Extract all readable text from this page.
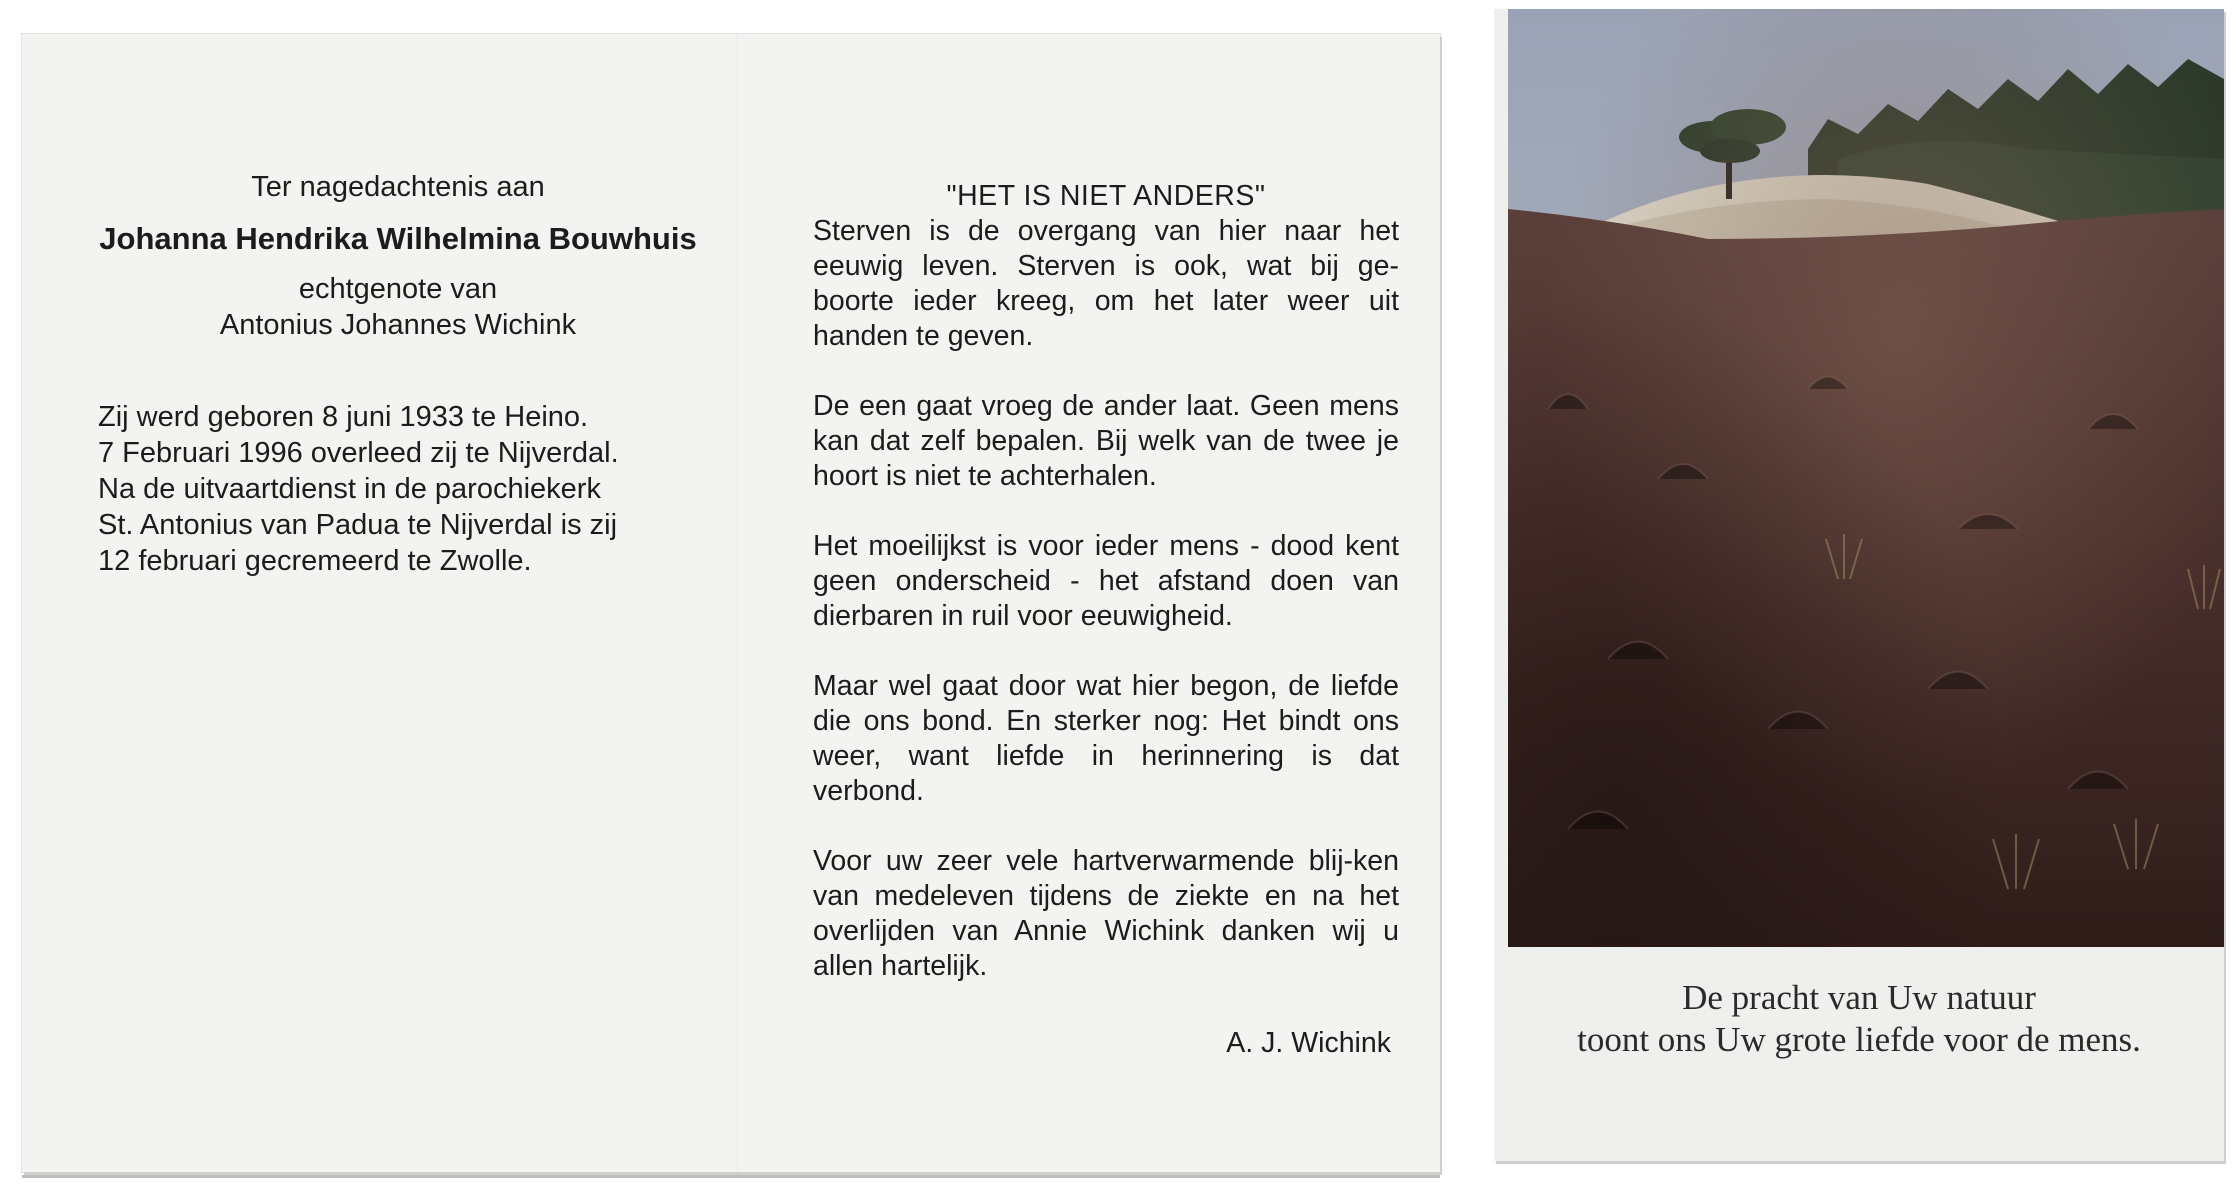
Ter nagedachtenis aan
Johanna Hendrika Wilhelmina Bouwhuis
echtgenote van
Antonius Johannes Wichink
Zij werd geboren 8 juni 1933 te Heino.
7 Februari 1996 overleed zij te Nijverdal.
Na de uitvaartdienst in de parochiekerk
St. Antonius van Padua te Nijverdal is zij
12 februari gecremeerd te Zwolle.
"HET IS NIET ANDERS"
Sterven is de overgang van hier naar het eeuwig leven. Sterven is ook, wat bij ge-boorte ieder kreeg, om het later weer uit handen te geven.
De een gaat vroeg de ander laat. Geen mens kan dat zelf bepalen. Bij welk van de twee je hoort is niet te achterhalen.
Het moeilijkst is voor ieder mens - dood kent geen onderscheid - het afstand doen van dierbaren in ruil voor eeuwigheid.
Maar wel gaat door wat hier begon, de liefde die ons bond. En sterker nog: Het bindt ons weer, want liefde in herinnering is dat verbond.
Voor uw zeer vele hartverwarmende blij-ken van medeleven tijdens de ziekte en na het overlijden van Annie Wichink danken wij u allen hartelijk.
A. J. Wichink
De pracht van Uw natuur
toont ons Uw grote liefde voor de mens.
